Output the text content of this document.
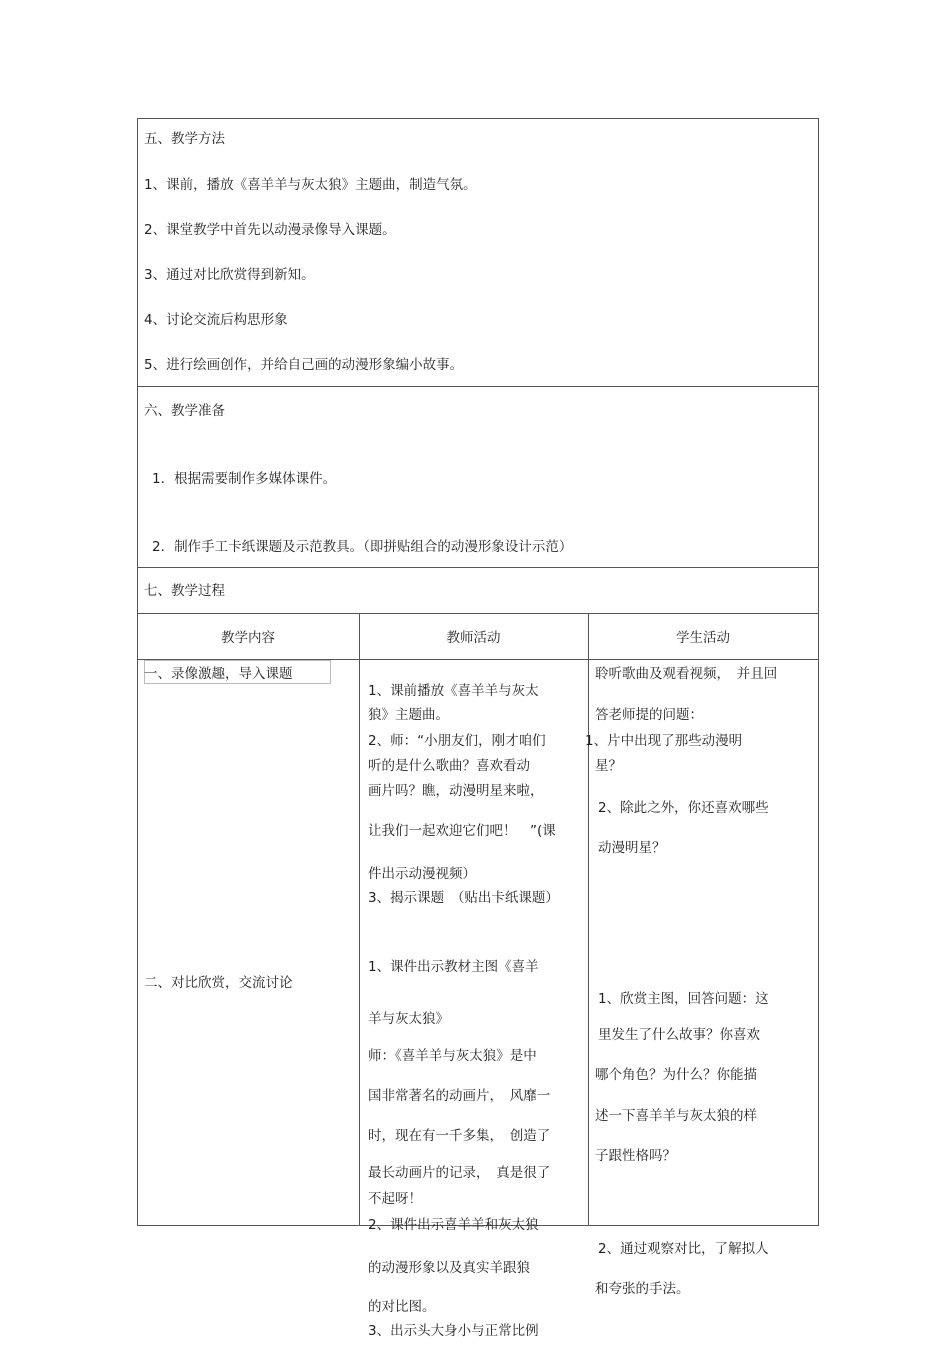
五、教学方法
1、课前，播放《喜羊羊与灰太狼》主题曲，制造气氛。
2、课堂教学中首先以动漫录像导入课题。
3、通过对比欣赏得到新知。
4、讨论交流后构思形象
5、进行绘画创作，并给自己画的动漫形象编小故事。
六、教学准备
1．根据需要制作多媒体课件。
2．制作手工卡纸课题及示范教具。（即拼贴组合的动漫形象设计示范）
七、教学过程
教学内容	教师活动	学生活动
一、录像激趣，导入课题
二、对比欣赏，交流讨论
1、课前播放《喜羊羊与灰太
狼》主题曲。
2、师：“小朋友们，刚才咱们
听的是什么歌曲？喜欢看动
画片吗？瞧，动漫明星来啦，
让我们一起欢迎它们吧！　”(课
件出示动漫视频）
3、揭示课题　（贴出卡纸课题）
1、课件出示教材主图《喜羊
羊与灰太狼》
师：《喜羊羊与灰太狼》是中
国非常著名的动画片，　风靡一
时，现在有一千多集，　创造了
最长动画片的记录，　真是很了
不起呀！
2、课件出示喜羊羊和灰太狼
的动漫形象以及真实羊跟狼
的对比图。
3、出示头大身小与正常比例
聆听歌曲及观看视频，　并且回
答老师提的问题：
1、片中出现了那些动漫明
星？
2、除此之外，你还喜欢哪些
动漫明星？
1、欣赏主图，回答问题：这
里发生了什么故事？你喜欢
哪个角色？为什么？你能描
述一下喜羊羊与灰太狼的样
子跟性格吗？
2、通过观察对比，了解拟人
和夸张的手法。
